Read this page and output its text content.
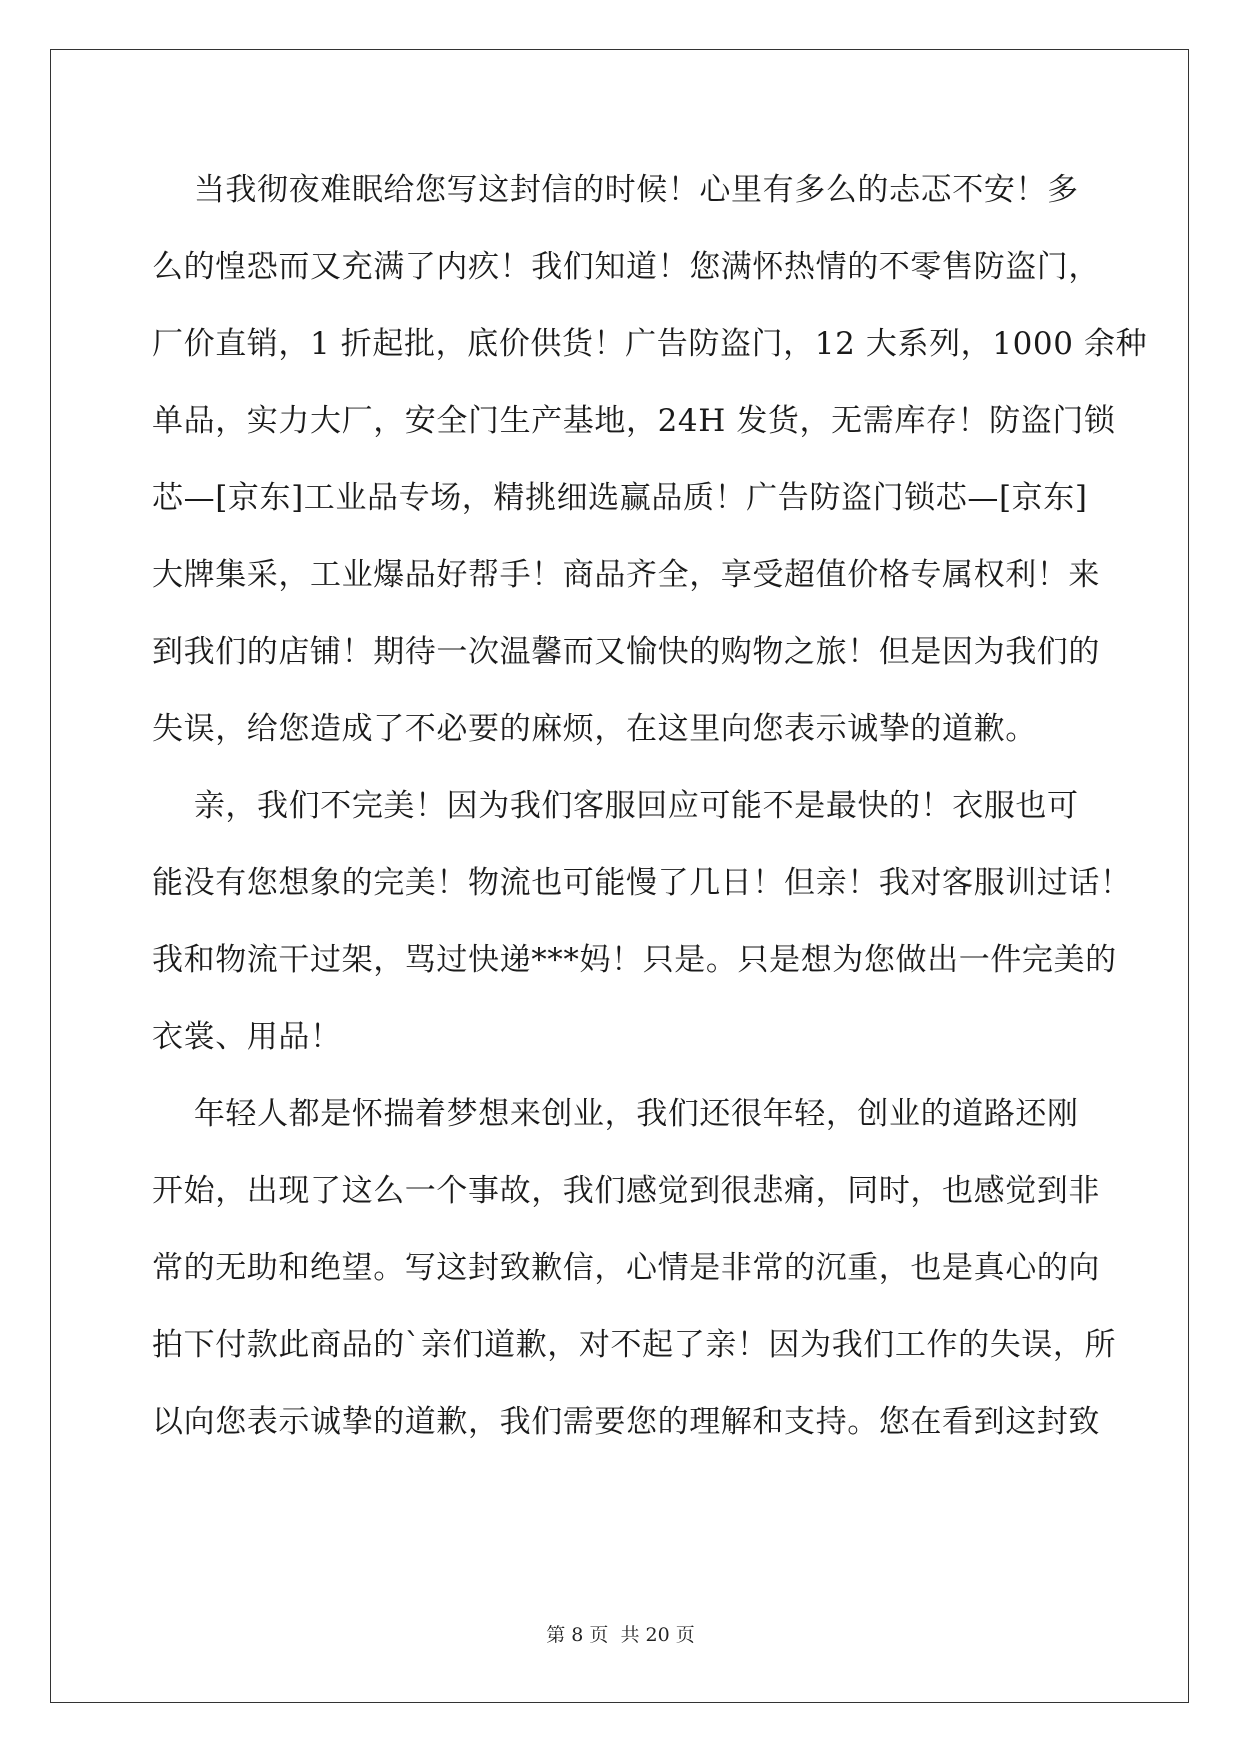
当我彻夜难眠给您写这封信的时候！心里有多么的忐忑不安！多
么的惶恐而又充满了内疚！我们知道！您满怀热情的不零售防盗门，
厂价直销，1 折起批，底价供货！广告防盗门，12 大系列，1000 余种
单品，实力大厂，安全门生产基地，24H 发货，无需库存！防盗门锁
芯—[京东]工业品专场，精挑细选赢品质！广告防盗门锁芯—[京东]
大牌集采，工业爆品好帮手！商品齐全，享受超值价格专属权利！来
到我们的店铺！期待一次温馨而又愉快的购物之旅！但是因为我们的
失误，给您造成了不必要的麻烦，在这里向您表示诚挚的道歉。
亲，我们不完美！因为我们客服回应可能不是最快的！衣服也可
能没有您想象的完美！物流也可能慢了几日！但亲！我对客服训过话！
我和物流干过架，骂过快递***妈！只是。只是想为您做出一件完美的
衣裳、用品！
年轻人都是怀揣着梦想来创业，我们还很年轻，创业的道路还刚
开始，出现了这么一个事故，我们感觉到很悲痛，同时，也感觉到非
常的无助和绝望。写这封致歉信，心情是非常的沉重，也是真心的向
拍下付款此商品的`亲们道歉，对不起了亲！因为我们工作的失误，所
以向您表示诚挚的道歉，我们需要您的理解和支持。您在看到这封致
第 8 页 共 20 页
